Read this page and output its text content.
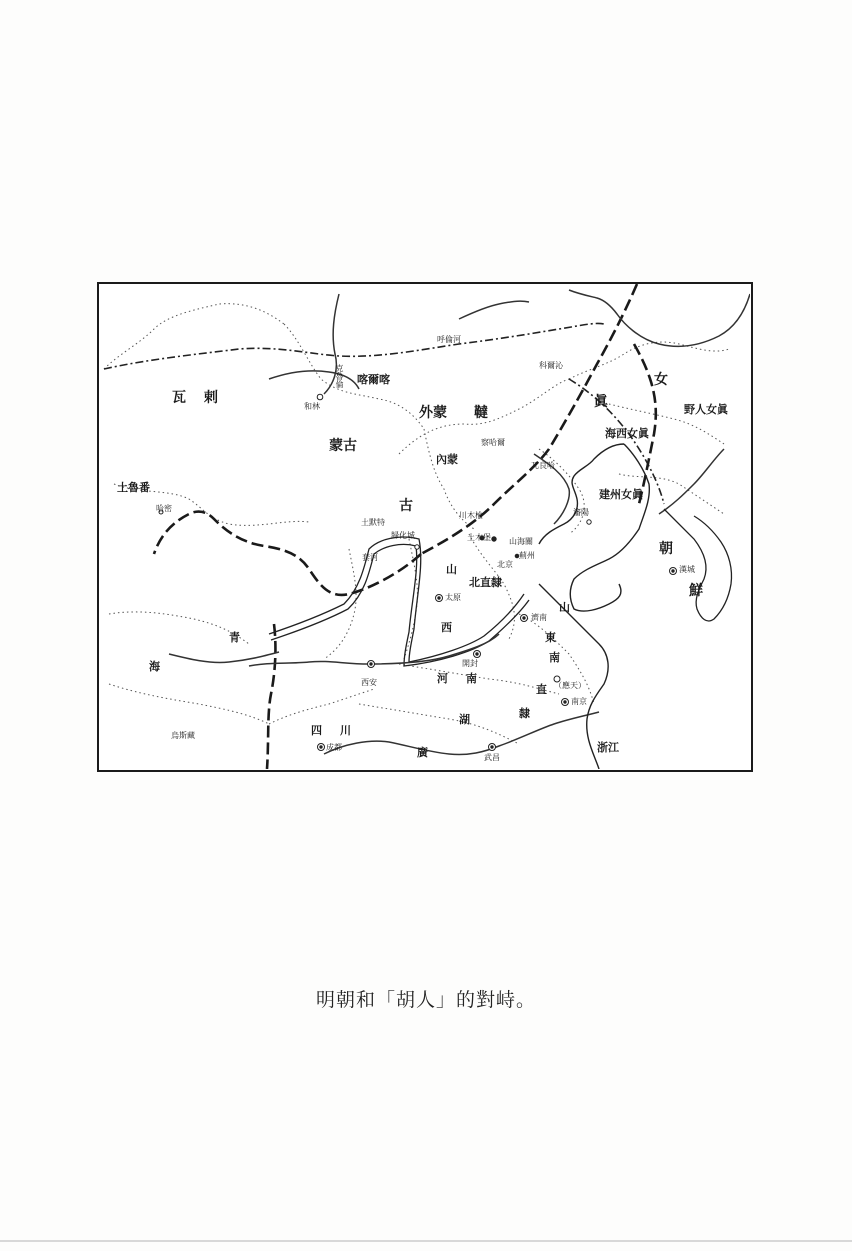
瓦剌
女
眞	野人女眞
海西女眞
建州女眞
喀爾喀
外蒙
蒙古
韃
內蒙
古
察哈爾
兀良哈
科爾沁
呼倫河
克魯倫
和林
土魯番
哈密
土默特
歸化城
套河
土木堡
川木楡
山海關
薊州
北京
北直隸
瀋陽
朝
鮮
漢城
山
西
太原
山
東
濟南
青
海
西安
開封
河南
南
直
隸
（應天）
南京
湖
廣	武昌
四川
成都
烏斯藏
浙江
明朝和「胡人」的對峙。
